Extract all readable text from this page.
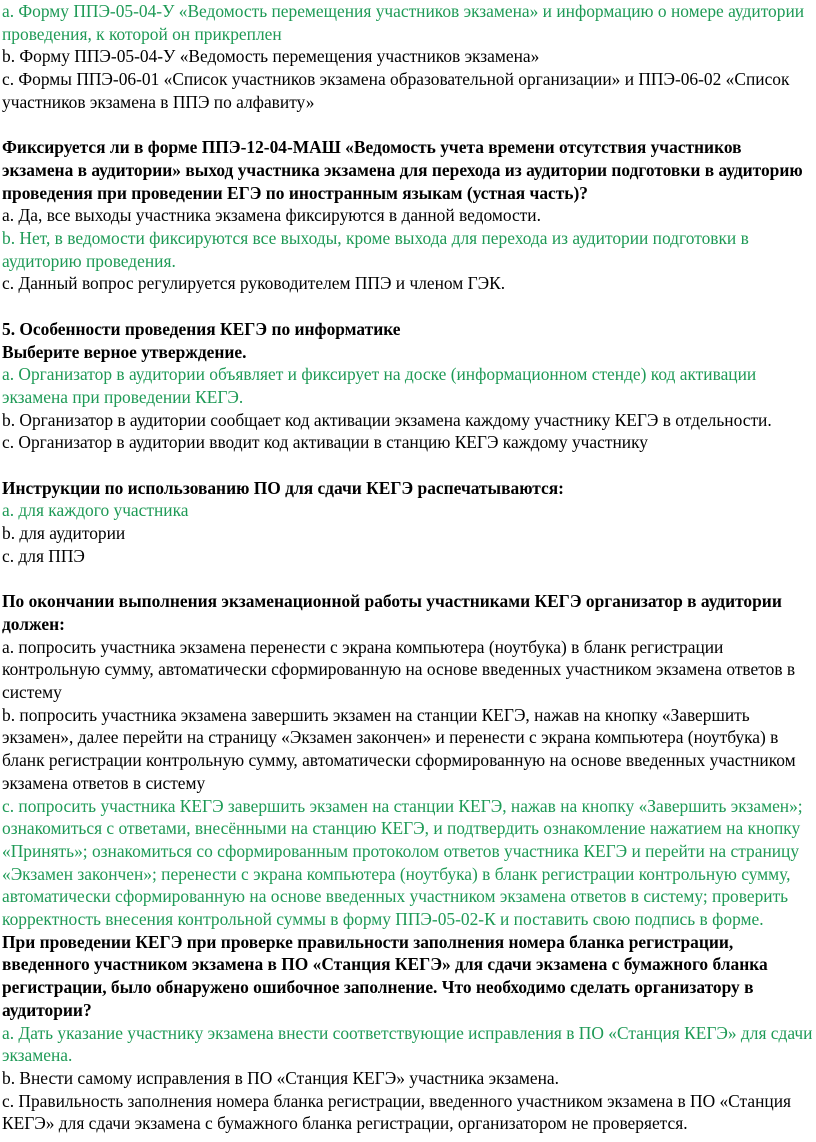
a. Форму ППЭ-05-04-У «Ведомость перемещения участников экзамена» и информацию о номере аудитории проведения, к которой он прикреплен

b. Форму ППЭ-05-04-У «Ведомость перемещения участников экзамена»

c. Формы ППЭ-06-01 «Список участников экзамена образовательной организации» и ППЭ-06-02 «Список участников экзамена в ППЭ по алфавиту»

Фиксируется ли в форме ППЭ-12-04-МАШ «Ведомость учета времени отсутствия участников экзамена в аудитории» выход участника экзамена для перехода из аудитории подготовки в аудиторию проведения при проведении ЕГЭ по иностранным языкам (устная часть)?

a. Да, все выходы участника экзамена фиксируются в данной ведомости.

b. Нет, в ведомости фиксируются все выходы, кроме выхода для перехода из аудитории подготовки в аудиторию проведения.

c. Данный вопрос регулируется руководителем ППЭ и членом ГЭК.

5. Особенности проведения КЕГЭ по информатике

Выберите верное утверждение.

a. Организатор в аудитории объявляет и фиксирует на доске (информационном стенде) код активации экзамена при проведении КЕГЭ.

b. Организатор в аудитории сообщает код активации экзамена каждому участнику КЕГЭ в отдельности.

c. Организатор в аудитории вводит код активации в станцию КЕГЭ каждому участнику

Инструкции по использованию ПО для сдачи КЕГЭ распечатываются:

a. для каждого участника

b. для аудитории

c. для ППЭ

По окончании выполнения экзаменационной работы участниками КЕГЭ организатор в аудитории должен:

a. попросить участника экзамена перенести с экрана компьютера (ноутбука) в бланк регистрации контрольную сумму, автоматически сформированную на основе введенных участником экзамена ответов в систему

b. попросить участника экзамена завершить экзамен на станции КЕГЭ, нажав на кнопку «Завершить экзамен», далее перейти на страницу «Экзамен закончен» и перенести с экрана компьютера (ноутбука) в бланк регистрации контрольную сумму, автоматически сформированную на основе введенных участником экзамена ответов в систему

c. попросить участника КЕГЭ завершить экзамен на станции КЕГЭ, нажав на кнопку «Завершить экзамен»; ознакомиться с ответами, внесёнными на станцию КЕГЭ, и подтвердить ознакомление нажатием на кнопку «Принять»; ознакомиться со сформированным протоколом ответов участника КЕГЭ и перейти на страницу «Экзамен закончен»; перенести с экрана компьютера (ноутбука) в бланк регистрации контрольную сумму, автоматически сформированную на основе введенных участником экзамена ответов в систему; проверить корректность внесения контрольной суммы в форму ППЭ-05-02-К и поставить свою подпись в форме.

При проведении КЕГЭ при проверке правильности заполнения номера бланка регистрации, введенного участником экзамена в ПО «Станция КЕГЭ» для сдачи экзамена с бумажного бланка регистрации, было обнаружено ошибочное заполнение. Что необходимо сделать организатору в аудитории?

a. Дать указание участнику экзамена внести соответствующие исправления в ПО «Станция КЕГЭ» для сдачи экзамена.

b. Внести самому исправления в ПО «Станция КЕГЭ» участника экзамена.

c. Правильность заполнения номера бланка регистрации, введенного участником экзамена в ПО «Станция КЕГЭ» для сдачи экзамена с бумажного бланка регистрации, организатором не проверяется.
